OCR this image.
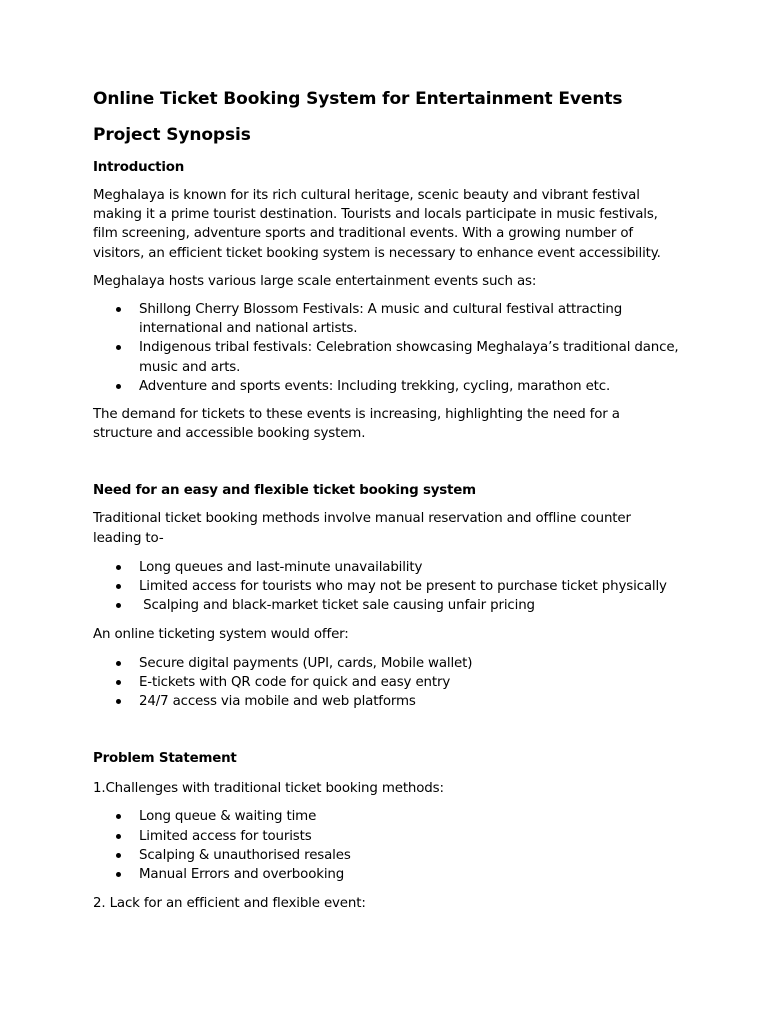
Online Ticket Booking System for Entertainment Events
Project Synopsis
Introduction

Meghalaya is known for its rich cultural heritage, scenic beauty and vibrant festival making it a prime tourist destination. Tourists and locals participate in music festivals, film screening, adventure sports and traditional events. With a growing number of visitors, an efficient ticket booking system is necessary to enhance event accessibility.

Meghalaya hosts various large scale entertainment events such as:

Shillong Cherry Blossom Festivals: A music and cultural festival attracting international and national artists.
Indigenous tribal festivals: Celebration showcasing Meghalaya’s traditional dance, music and arts.
Adventure and sports events: Including trekking, cycling, marathon etc.

The demand for tickets to these events is increasing, highlighting the need for a structure and accessible booking system.

Need for an easy and flexible ticket booking system

Traditional ticket booking methods involve manual reservation and offline counter leading to-

Long queues and last-minute unavailability
Limited access for tourists who may not be present to purchase ticket physically
Scalping and black-market ticket sale causing unfair pricing

An online ticketing system would offer:

Secure digital payments (UPI, cards, Mobile wallet)
E-tickets with QR code for quick and easy entry
24/7 access via mobile and web platforms
Problem Statement

1.Challenges with traditional ticket booking methods:

Long queue & waiting time
Limited access for tourists
Scalping & unauthorised resales
Manual Errors and overbooking

2. Lack for an efficient and flexible event:
